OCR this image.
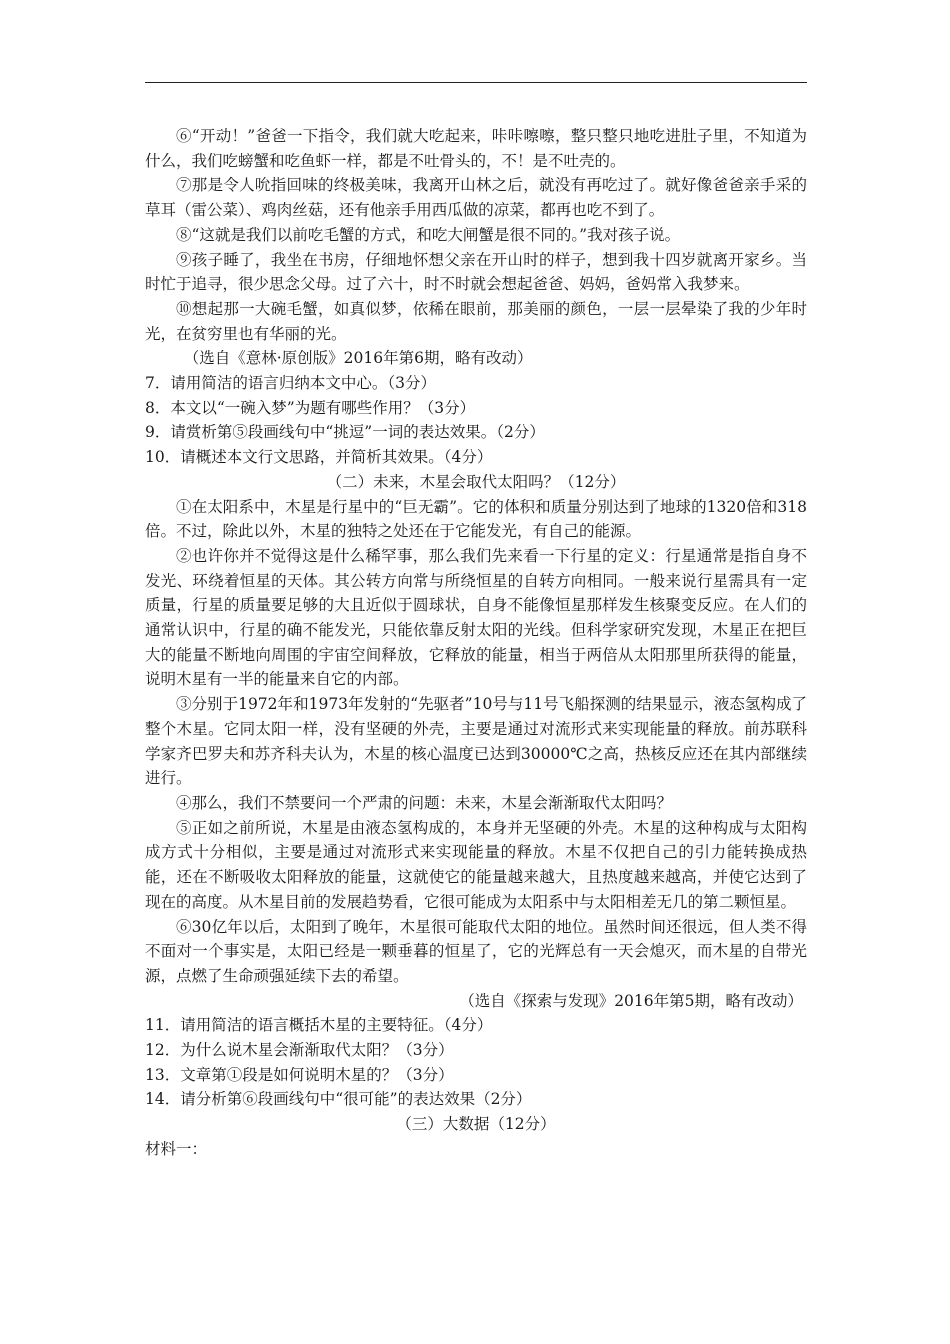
⑥“开动！”爸爸一下指令，我们就大吃起来，咔咔嚓嚓，整只整只地吃进肚子里，不知道为什么，我们吃螃蟹和吃鱼虾一样，都是不吐骨头的，不！是不吐壳的。

⑦那是令人吮指回味的终极美味，我离开山林之后，就没有再吃过了。就好像爸爸亲手采的草耳（雷公菜）、鸡肉丝菇，还有他亲手用西瓜做的凉菜，都再也吃不到了。

⑧“这就是我们以前吃毛蟹的方式，和吃大闸蟹是很不同的。”我对孩子说。

⑨孩子睡了，我坐在书房，仔细地怀想父亲在开山时的样子，想到我十四岁就离开家乡。当时忙于追寻，很少思念父母。过了六十，时不时就会想起爸爸、妈妈，爸妈常入我梦来。

⑩想起那一大碗毛蟹，如真似梦，依稀在眼前，那美丽的颜色，一层一层晕染了我的少年时光，在贫穷里也有华丽的光。

（选自《意林·原创版》2016年第6期，略有改动）

7．请用简洁的语言归纳本文中心。（3分）

8．本文以“一碗入梦”为题有哪些作用？（3分）

9．请赏析第⑤段画线句中“挑逗”一词的表达效果。（2分）

10．请概述本文行文思路，并简析其效果。（4分）

（二）未来，木星会取代太阳吗？（12分）

①在太阳系中，木星是行星中的“巨无霸”。它的体积和质量分别达到了地球的1320倍和318倍。不过，除此以外，木星的独特之处还在于它能发光，有自己的能源。

②也许你并不觉得这是什么稀罕事，那么我们先来看一下行星的定义：行星通常是指自身不发光、环绕着恒星的天体。其公转方向常与所绕恒星的自转方向相同。一般来说行星需具有一定质量，行星的质量要足够的大且近似于圆球状，自身不能像恒星那样发生核聚变反应。在人们的通常认识中，行星的确不能发光，只能依靠反射太阳的光线。但科学家研究发现，木星正在把巨大的能量不断地向周围的宇宙空间释放，它释放的能量，相当于两倍从太阳那里所获得的能量，说明木星有一半的能量来自它的内部。

③分别于1972年和1973年发射的“先驱者”10号与11号飞船探测的结果显示，液态氢构成了整个木星。它同太阳一样，没有坚硬的外壳，主要是通过对流形式来实现能量的释放。前苏联科学家齐巴罗夫和苏齐科夫认为，木星的核心温度已达到30000℃之高，热核反应还在其内部继续进行。

④那么，我们不禁要问一个严肃的问题：未来，木星会渐渐取代太阳吗？

⑤正如之前所说，木星是由液态氢构成的，本身并无坚硬的外壳。木星的这种构成与太阳构成方式十分相似，主要是通过对流形式来实现能量的释放。木星不仅把自己的引力能转换成热能，还在不断吸收太阳释放的能量，这就使它的能量越来越大，且热度越来越高，并使它达到了现在的高度。从木星目前的发展趋势看，它很可能成为太阳系中与太阳相差无几的第二颗恒星。

⑥30亿年以后，太阳到了晚年，木星很可能取代太阳的地位。虽然时间还很远，但人类不得不面对一个事实是，太阳已经是一颗垂暮的恒星了，它的光辉总有一天会熄灭，而木星的自带光源，点燃了生命顽强延续下去的希望。

（选自《探索与发现》2016年第5期，略有改动）

11．请用简洁的语言概括木星的主要特征。（4分）

12．为什么说木星会渐渐取代太阳？（3分）

13．文章第①段是如何说明木星的？（3分）

14．请分析第⑥段画线句中“很可能”的表达效果（2分）

（三）大数据（12分）

材料一：
